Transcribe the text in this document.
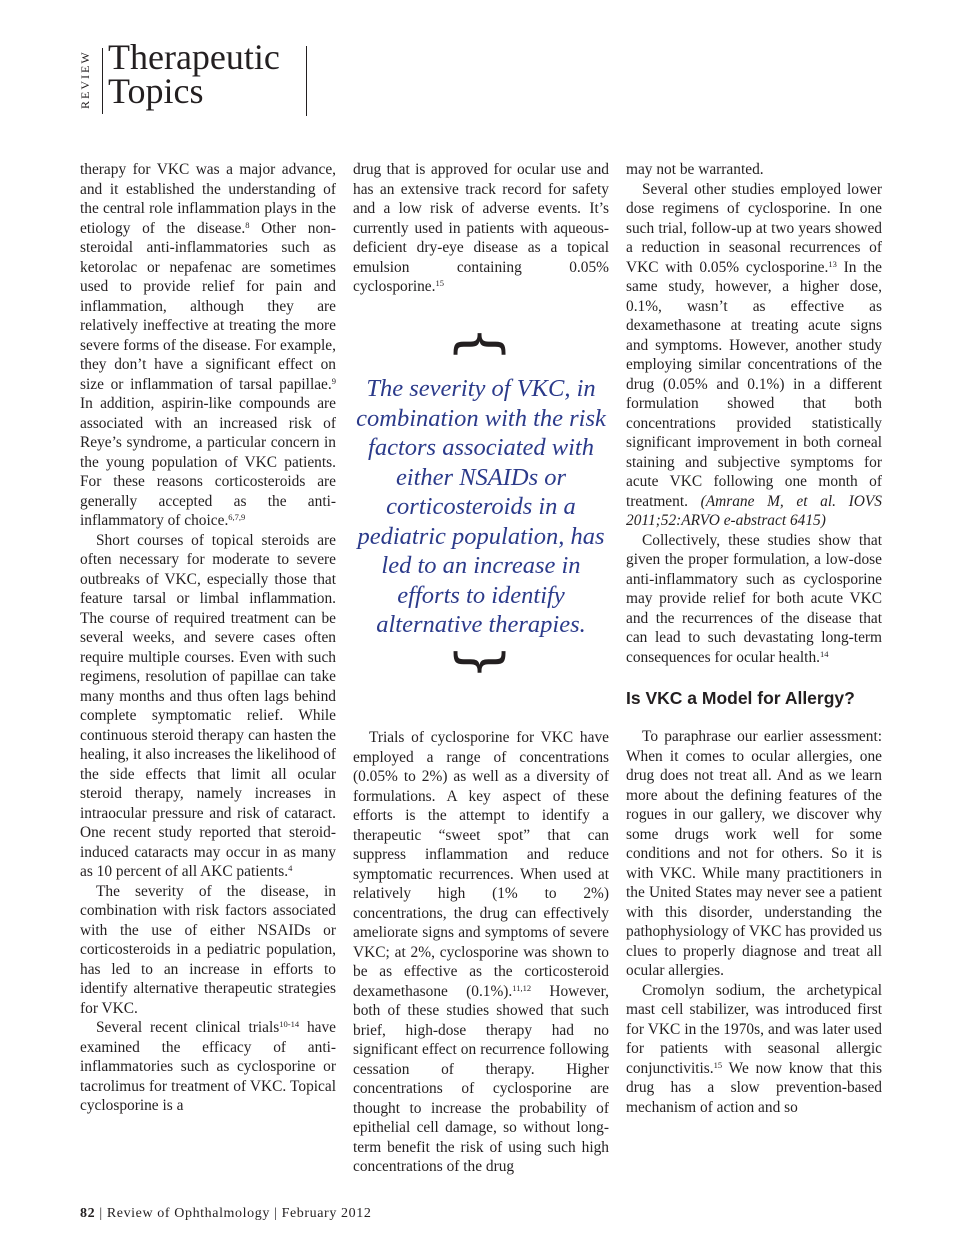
REVIEW Therapeutic
Topics

therapy for VKC was a major advance, and it established the understanding of the central role inflammation plays in the etiology of the disease.$^8$ Other non-steroidal anti-inflammatories such as ketorolac or nepafenac are sometimes used to provide relief for pain and inflammation, although they are relatively ineffective at treating the more severe forms of the disease. For example, they don’t have a significant effect on size or inflammation of tarsal papillae.$^9$ In addition, aspirin-like compounds are associated with an increased risk of Reye’s syndrome, a particular concern in the young population of VKC patients. For these reasons corticosteroids are generally accepted as the anti-inflammatory of choice.$^{6,7,9}$

Short courses of topical steroids are often necessary for moderate to severe outbreaks of VKC, especially those that feature tarsal or limbal inflammation. The course of required treatment can be several weeks, and severe cases often require multiple courses. Even with such regimens, resolution of papillae can take many months and thus often lags behind complete symptomatic relief. While continuous steroid therapy can hasten the healing, it also increases the likelihood of the side effects that limit all ocular steroid therapy, namely increases in intraocular pressure and risk of cataract. One recent study reported that steroid-induced cataracts may occur in as many as 10 percent of all AKC patients.$^4$

The severity of the disease, in combination with risk factors associated with the use of either NSAIDs or corticosteroids in a pediatric population, has led to an increase in efforts to identify alternative therapeutic strategies for VKC.

Several recent clinical trials$^{10-14}$ have examined the efficacy of anti-inflammatories such as cyclosporine or tacrolimus for treatment of VKC. Topical cyclosporine is a

drug that is approved for ocular use and has an extensive track record for safety and a low risk of adverse events. It’s currently used in patients with aqueous-deficient dry-eye disease as a topical emulsion containing 0.05% cyclosporine.$^{15}$

{
The severity of VKC, in combination with the risk factors associated with either NSAIDs or corticosteroids in a pediatric population, has led to an increase in efforts to identify alternative therapies.
}

Trials of cyclosporine for VKC have employed a range of concentrations (0.05% to 2%) as well as a diversity of formulations. A key aspect of these efforts is the attempt to identify a therapeutic “sweet spot” that can suppress inflammation and reduce symptomatic recurrences. When used at relatively high (1% to 2%) concentrations, the drug can effectively ameliorate signs and symptoms of severe VKC; at 2%, cyclosporine was shown to be as effective as the corticosteroid dexamethasone (0.1%).$^{11,12}$ However, both of these studies showed that such brief, high-dose therapy had no significant effect on recurrence following cessation of therapy. Higher concentrations of cyclosporine are thought to increase the probability of epithelial cell damage, so without long-term benefit the risk of using such high concentrations of the drug

may not be warranted.

Several other studies employed lower dose regimens of cyclosporine. In one such trial, follow-up at two years showed a reduction in seasonal recurrences of VKC with 0.05% cyclosporine.$^{13}$ In the same study, however, a higher dose, 0.1%, wasn’t as effective as dexamethasone at treating acute signs and symptoms. However, another study employing similar concentrations of the drug (0.05% and 0.1%) in a different formulation showed that both concentrations provided statistically significant improvement in both corneal staining and subjective symptoms for acute VKC following one month of treatment. (Amrane M, et al. IOVS 2011;52:ARVO e-abstract 6415)

Collectively, these studies show that given the proper formulation, a low-dose anti-inflammatory such as cyclosporine may provide relief for both acute VKC and the recurrences of the disease that can lead to such devastating long-term consequences for ocular health.$^{14}$

Is VKC a Model for Allergy?

To paraphrase our earlier assessment: When it comes to ocular allergies, one drug does not treat all. And as we learn more about the defining features of the rogues in our gallery, we discover why some drugs work well for some conditions and not for others. So it is with VKC. While many practitioners in the United States may never see a patient with this disorder, understanding the pathophysiology of VKC has provided us clues to properly diagnose and treat all ocular allergies.

Cromolyn sodium, the archetypical mast cell stabilizer, was introduced first for VKC in the 1970s, and was later used for patients with seasonal allergic conjunctivitis.$^{15}$ We now know that this drug has a slow prevention-based mechanism of action and so

82 | Review of Ophthalmology | February 2012
